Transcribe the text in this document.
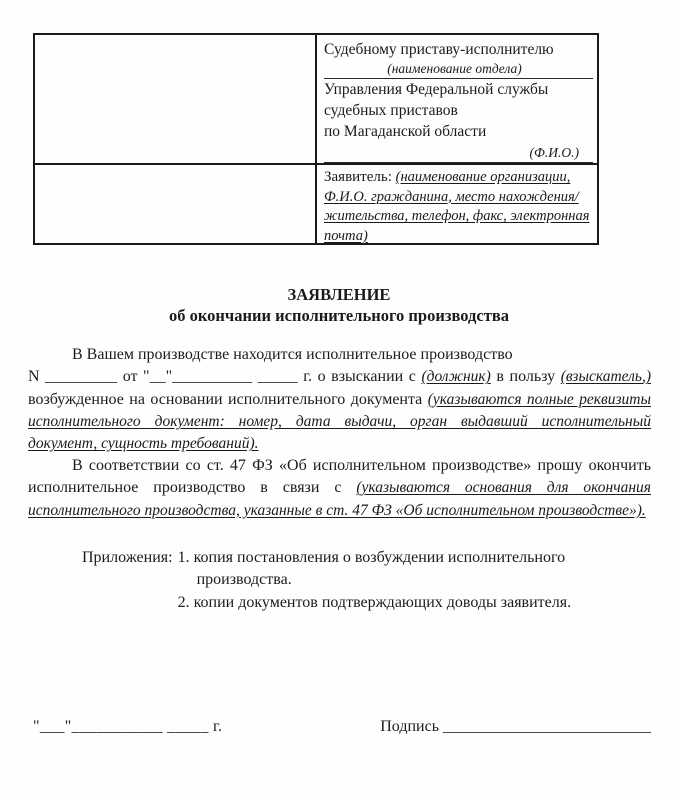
Судебному приставу-исполнителю
(наименование отдела)
Управления Федеральной службы
судебных приставов
по Магаданской области
(Ф.И.О.)
Заявитель: (наименование организации, Ф.И.О. гражданина, место нахождения/жительства, телефон, факс, электронная почта)
ЗАЯВЛЕНИЕ
об окончании исполнительного производства
В Вашем производстве находится исполнительное производство
N _________ от "__"__________ _____ г. о взыскании с (должник) в пользу (взыскатель,) возбужденное на основании исполнительного документа (указываются полные реквизиты исполнительного документ: номер, дата выдачи, орган выдавший исполнительный документ, сущность требований).
В соответствии со ст. 47 ФЗ «Об исполнительном производстве» прошу окончить исполнительное производство в связи с (указываются основания для окончания исполнительного производства, указанные в ст. 47 ФЗ «Об исполнительном производстве»).
Приложения: 1. копия постановления о возбуждении исполнительного производства.
2. копии документов подтверждающих доводы заявителя.
"___"___________ _____ г.	Подпись __________________________
